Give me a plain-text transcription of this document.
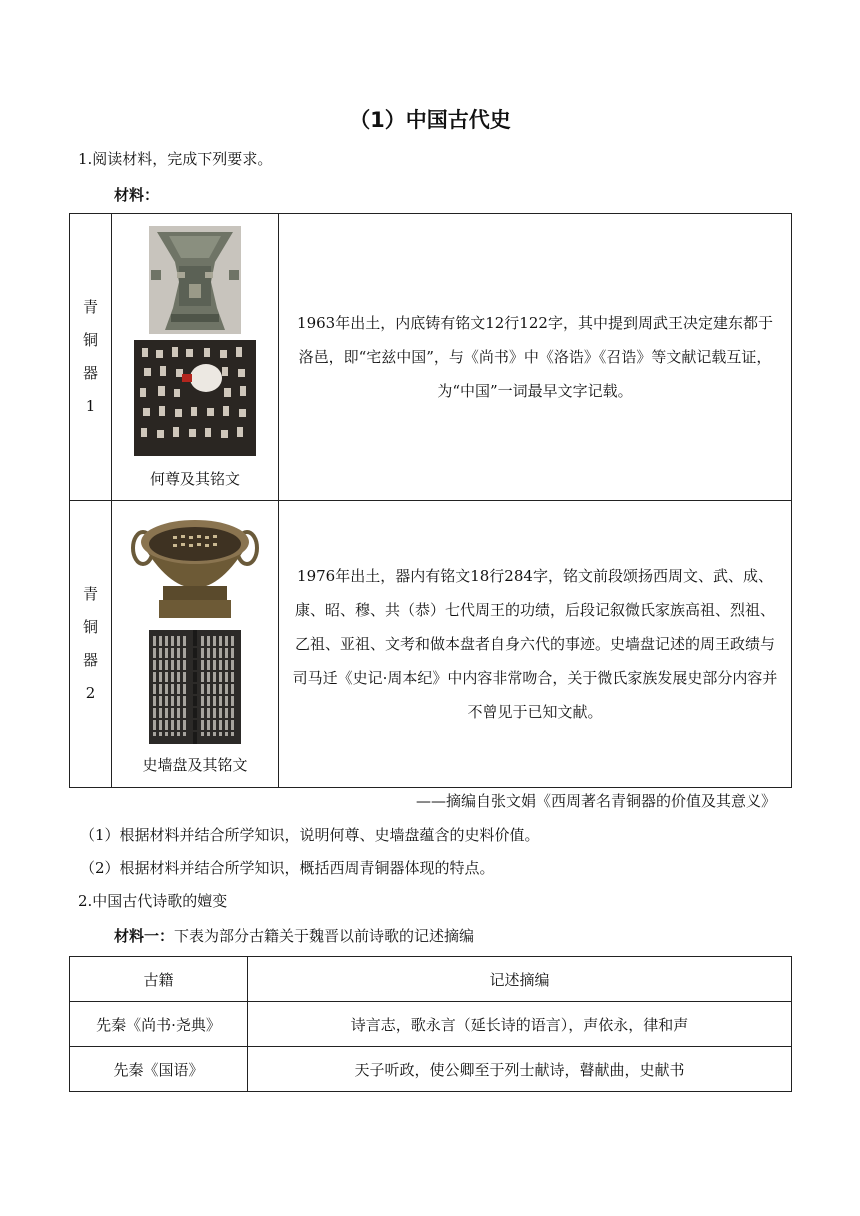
（1）中国古代史
1.阅读材料，完成下列要求。
材料：
青
铜
器
1	何尊及其铭文	1963年出土，内底铸有铭文12行122字，其中提到周武王决定建东都于洛邑，即“宅兹中国”，与《尚书》中《洛诰》《召诰》等文献记载互证，为“中国”一词最早文字记载。

青
铜
器
2	史墙盘及其铭文	1976年出土，器内有铭文18行284字，铭文前段颂扬西周文、武、成、康、昭、穆、共（恭）七代周王的功绩，后段记叙微氏家族高祖、烈祖、乙祖、亚祖、文考和做本盘者自身六代的事迹。史墙盘记述的周王政绩与司马迁《史记·周本纪》中内容非常吻合，关于微氏家族发展史部分内容并不曾见于已知文献。
——摘编自张文娟《西周著名青铜器的价值及其意义》
（1）根据材料并结合所学知识，说明何尊、史墙盘蕴含的史料价值。
（2）根据材料并结合所学知识，概括西周青铜器体现的特点。
2.中国古代诗歌的嬗变
材料一：下表为部分古籍关于魏晋以前诗歌的记述摘编
古籍	记述摘编
先秦《尚书·尧典》	诗言志，歌永言（延长诗的语言），声依永，律和声
先秦《国语》	天子听政，使公卿至于列士献诗，瞽献曲，史献书
